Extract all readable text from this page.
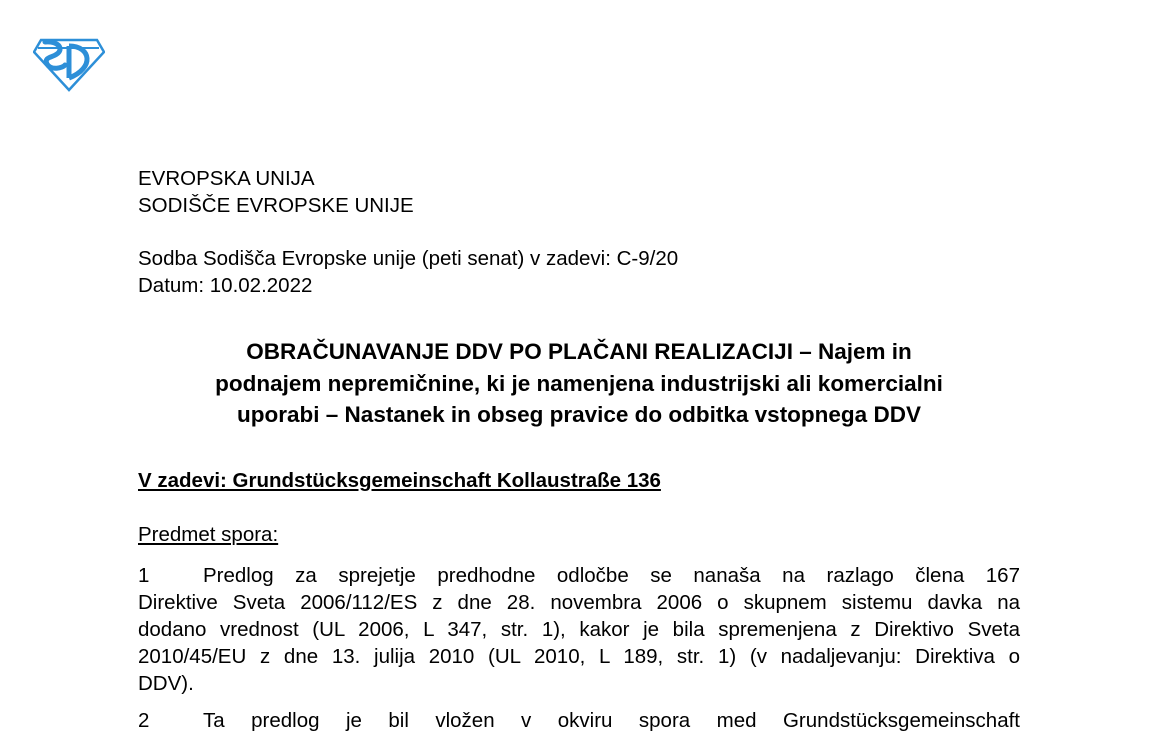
EVROPSKA UNIJA
SODIŠČE EVROPSKE UNIJE
Sodba Sodišča Evropske unije (peti senat) v zadevi: C-9/20
Datum: 10.02.2022
OBRAČUNAVANJE DDV PO PLAČANI REALIZACIJI – Najem in
podnajem nepremičnine, ki je namenjena industrijski ali komercialni
uporabi – Nastanek in obseg pravice do odbitka vstopnega DDV
V zadevi: Grundstücksgemeinschaft Kollaustraße 136
Predmet spora:
1	Predlog za sprejetje predhodne odločbe se nanaša na razlago člena 167
Direktive Sveta 2006/112/ES z dne 28. novembra 2006 o skupnem sistemu davka na
dodano vrednost (UL 2006, L 347, str. 1), kakor je bila spremenjena z Direktivo Sveta
2010/45/EU z dne 13. julija 2010 (UL 2010, L 189, str. 1) (v nadaljevanju: Direktiva o
DDV).
2	Ta predlog je bil vložen v okviru spora med Grundstücksgemeinschaft
